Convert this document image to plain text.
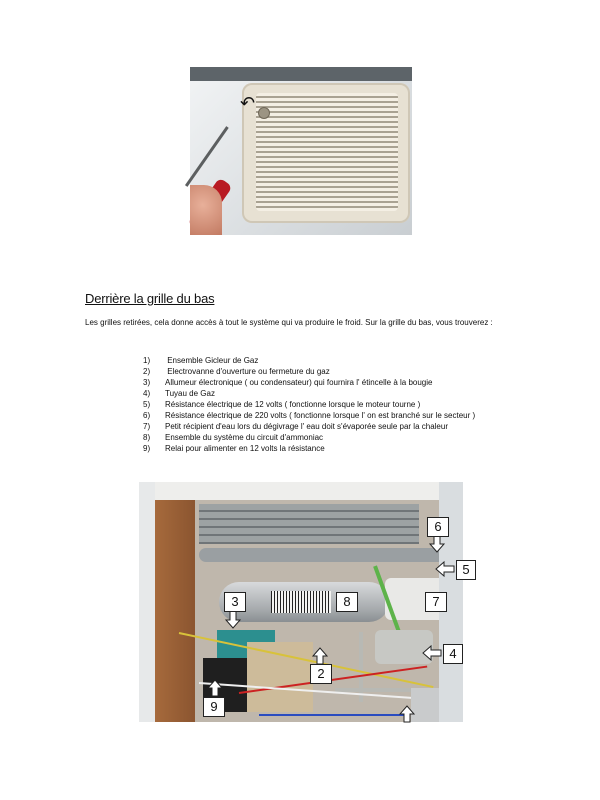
↶
Derrière la grille du bas
Les grilles retirées, cela donne accès à tout le système qui va produire le froid. Sur la grille du bas, vous trouverez :
1) Ensemble Gicleur de Gaz
2) Electrovanne d'ouverture ou fermeture du gaz
3) Allumeur électronique ( ou condensateur) qui fournira l' étincelle à la bougie
4) Tuyau de Gaz
5) Résistance électrique de 12 volts ( fonctionne lorsque le moteur tourne )
6) Résistance électrique de 220 volts ( fonctionne lorsque l' on est branché sur le secteur )
7) Petit récipient d'eau lors du dégivrage l' eau doit s'évaporée seule par la chaleur
8) Ensemble du système du circuit d'ammoniac
9) Relai pour alimenter en 12 volts la résistance
6
5
3	8	7
4
2
9
